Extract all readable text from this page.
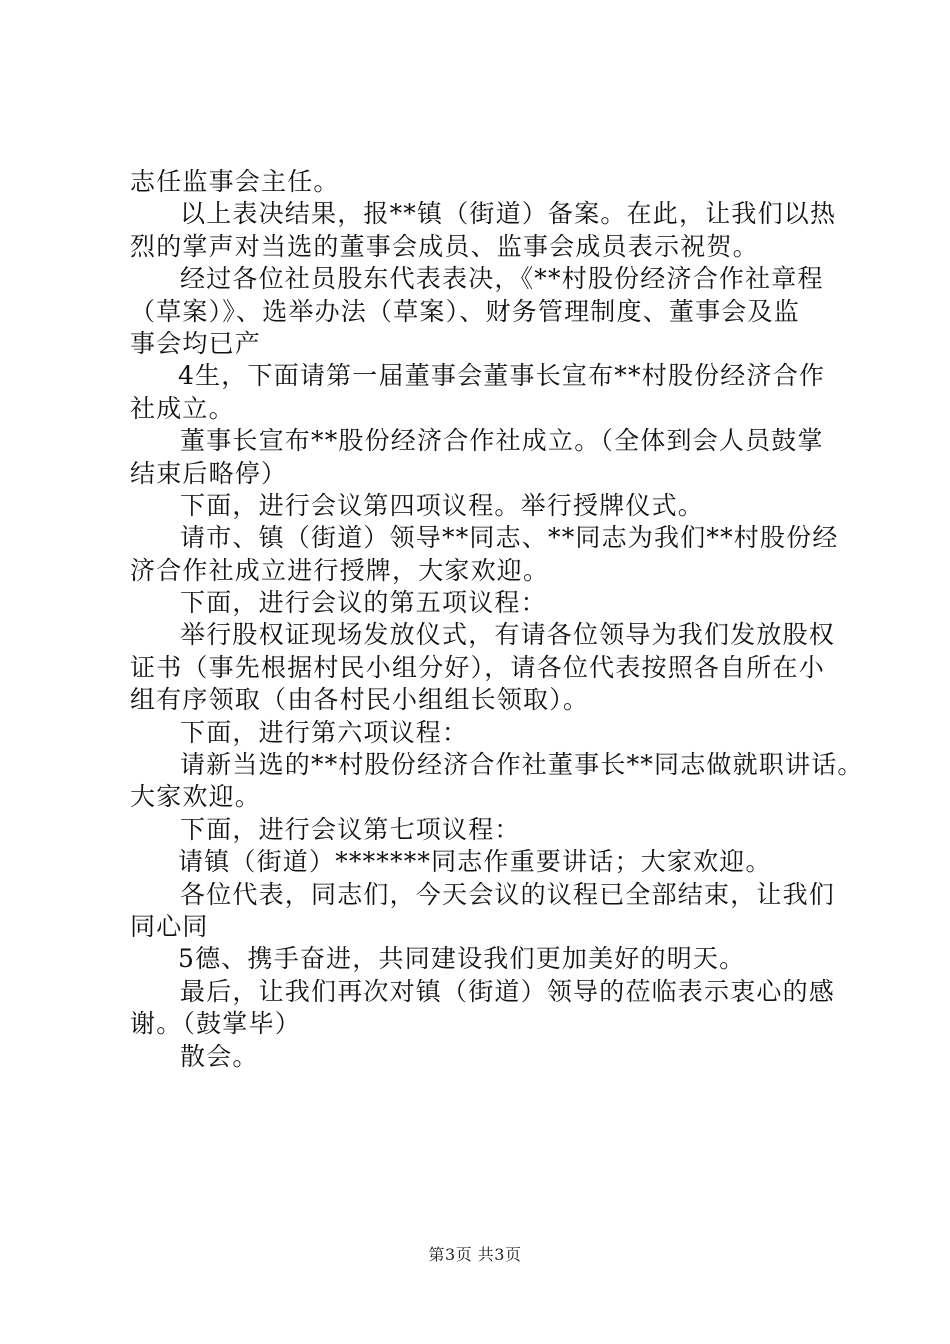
志任监事会主任。
以上表决结果，报**镇（街道）备案。在此，让我们以热
烈的掌声对当选的董事会成员、监事会成员表示祝贺。
经过各位社员股东代表表决，《**村股份经济合作社章程
（草案）》、选举办法（草案）、财务管理制度、董事会及监
事会均已产
4生，下面请第一届董事会董事长宣布**村股份经济合作
社成立。
董事长宣布**股份经济合作社成立。（全体到会人员鼓掌
结束后略停）
下面，进行会议第四项议程。举行授牌仪式。
请市、镇（街道）领导**同志、**同志为我们**村股份经
济合作社成立进行授牌，大家欢迎。
下面，进行会议的第五项议程：
举行股权证现场发放仪式，有请各位领导为我们发放股权
证书（事先根据村民小组分好），请各位代表按照各自所在小
组有序领取（由各村民小组组长领取）。
下面，进行第六项议程：
请新当选的**村股份经济合作社董事长**同志做就职讲话。
大家欢迎。
下面，进行会议第七项议程：
请镇（街道）*******同志作重要讲话；大家欢迎。
各位代表，同志们，今天会议的议程已全部结束，让我们
同心同
5德、携手奋进，共同建设我们更加美好的明天。
最后，让我们再次对镇（街道）领导的莅临表示衷心的感
谢。（鼓掌毕）
散会。
第3页 共3页
